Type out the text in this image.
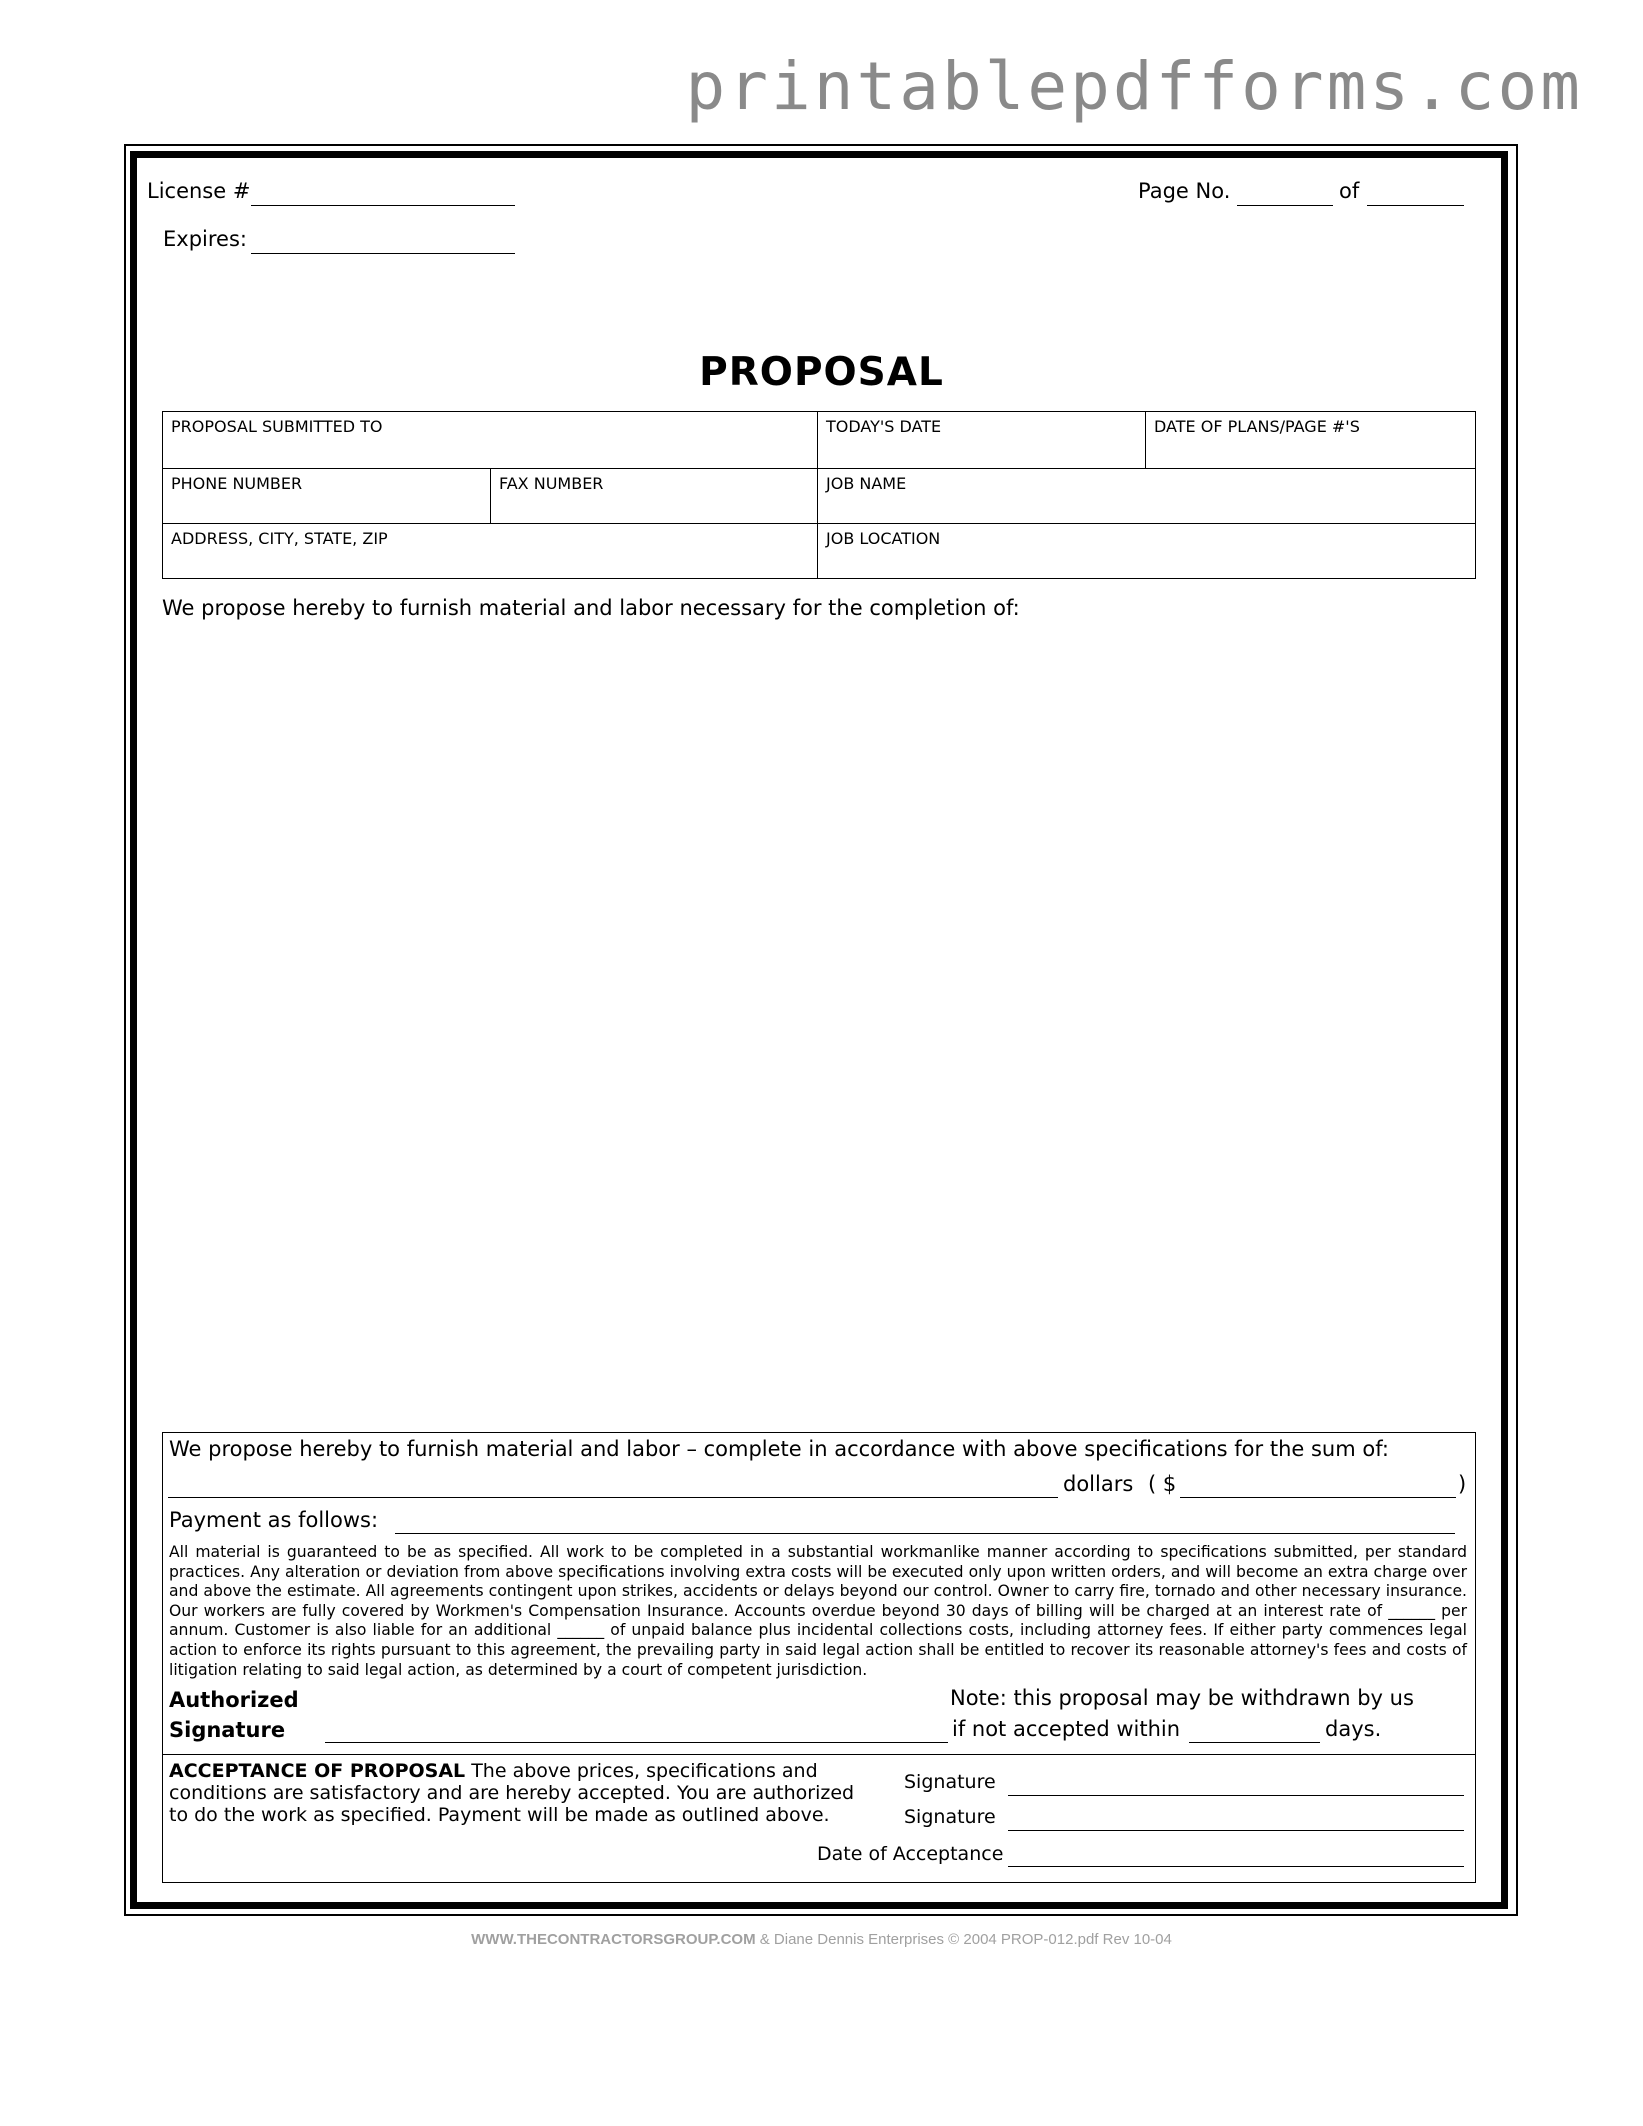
printablepdfforms.com
License #
Expires:
Page No.	of
PROPOSAL
PROPOSAL SUBMITTED TO		TODAY'S DATE	DATE OF PLANS/PAGE #'S
PHONE NUMBER	FAX NUMBER	JOB NAME	
ADDRESS, CITY, STATE, ZIP		JOB LOCATION	
We propose hereby to furnish material and labor necessary for the completion of:
We propose hereby to furnish material and labor – complete in accordance with above specifications for the sum of:
dollars ( $	)
Payment as follows:
All material is guaranteed to be as specified. All work to be completed in a substantial workmanlike manner according to specifications submitted, per standard practices. Any alteration or deviation from above specifications involving extra costs will be executed only upon written orders, and will become an extra charge over and above the estimate. All agreements contingent upon strikes, accidents or delays beyond our control. Owner to carry fire, tornado and other necessary insurance. Our workers are fully covered by Workmen's Compensation Insurance. Accounts overdue beyond 30 days of billing will be charged at an interest rate of ______ per annum. Customer is also liable for an additional ______ of unpaid balance plus incidental collections costs, including attorney fees. If either party commences legal action to enforce its rights pursuant to this agreement, the prevailing party in said legal action shall be entitled to recover its reasonable attorney's fees and costs of litigation relating to said legal action, as determined by a court of competent jurisdiction.
Authorized
Signature
Note: this proposal may be withdrawn by us
if not accepted within	days.
ACCEPTANCE OF PROPOSAL The above prices, specifications and
conditions are satisfactory and are hereby accepted. You are authorized
to do the work as specified. Payment will be made as outlined above.
Signature
Signature
Date of Acceptance
WWW.THECONTRACTORSGROUP.COM & Diane Dennis Enterprises © 2004 PROP-012.pdf Rev 10-04
